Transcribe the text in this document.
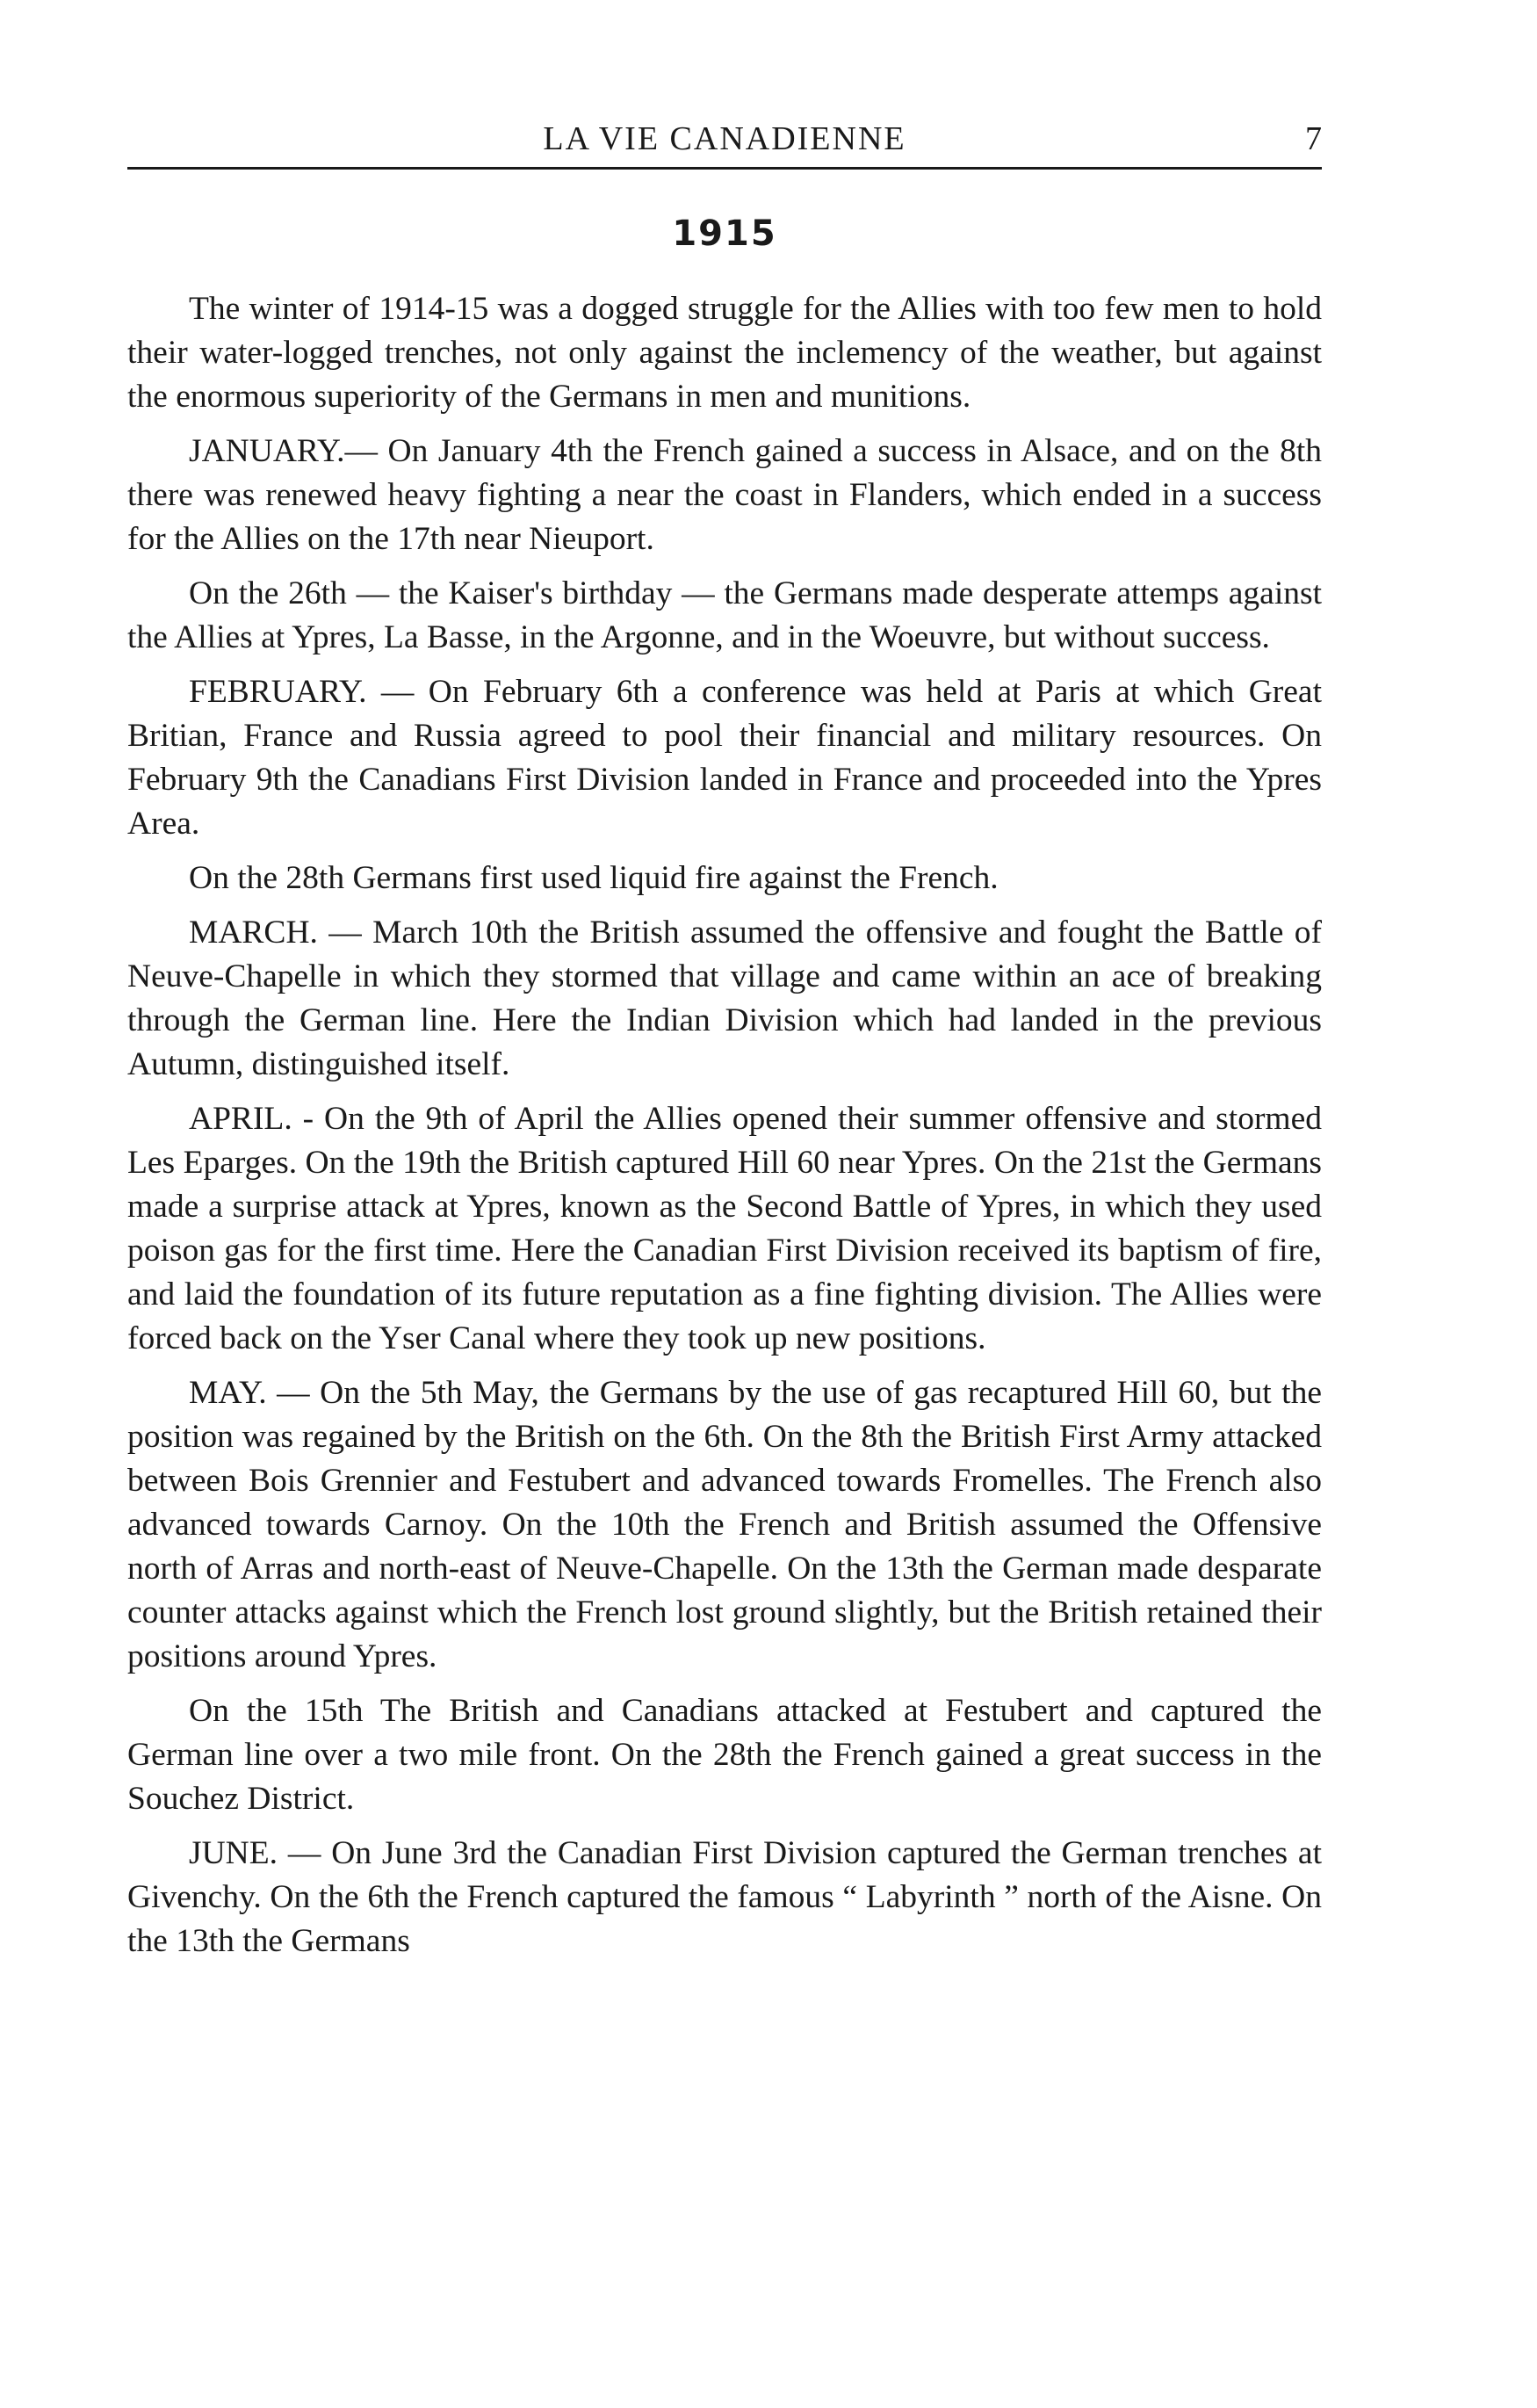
LA VIE CANADIENNE	7
1915

The winter of 1914-15 was a dogged struggle for the Allies with too few men to hold their water-logged trenches, not only against the inclemency of the weather, but against the enormous superiority of the Germans in men and munitions.

JANUARY.— On January 4th the French gained a success in Alsace, and on the 8th there was renewed heavy fighting a near the coast in Flanders, which ended in a success for the Allies on the 17th near Nieuport.

On the 26th — the Kaiser's birthday — the Germans made desperate attemps against the Allies at Ypres, La Basse, in the Argonne, and in the Woeuvre, but without success.

FEBRUARY. — On February 6th a conference was held at Paris at which Great Britian, France and Russia agreed to pool their financial and military resources. On February 9th the Canadians First Division landed in France and proceeded into the Ypres Area.

On the 28th Germans first used liquid fire against the French.

MARCH. — March 10th the British assumed the offensive and fought the Battle of Neuve-Chapelle in which they stormed that village and came within an ace of breaking through the German line. Here the Indian Division which had landed in the previous Autumn, distinguished itself.

APRIL. - On the 9th of April the Allies opened their summer offensive and stormed Les Eparges. On the 19th the British captured Hill 60 near Ypres. On the 21st the Germans made a surprise attack at Ypres, known as the Second Battle of Ypres, in which they used poison gas for the first time. Here the Canadian First Division received its baptism of fire, and laid the foundation of its future reputation as a fine fighting division. The Allies were forced back on the Yser Canal where they took up new positions.

MAY. — On the 5th May, the Germans by the use of gas recaptured Hill 60, but the position was regained by the British on the 6th. On the 8th the British First Army attacked between Bois Grennier and Festubert and advanced towards Fromelles. The French also advanced towards Carnoy. On the 10th the French and British assumed the Offensive north of Arras and north-east of Neuve-Chapelle. On the 13th the German made desparate counter attacks against which the French lost ground slightly, but the British retained their positions around Ypres.

On the 15th The British and Canadians attacked at Festubert and captured the German line over a two mile front. On the 28th the French gained a great success in the Souchez District.

JUNE. — On June 3rd the Canadian First Division captured the German trenches at Givenchy. On the 6th the French captured the famous “ Labyrinth ” north of the Aisne. On the 13th the Germans
